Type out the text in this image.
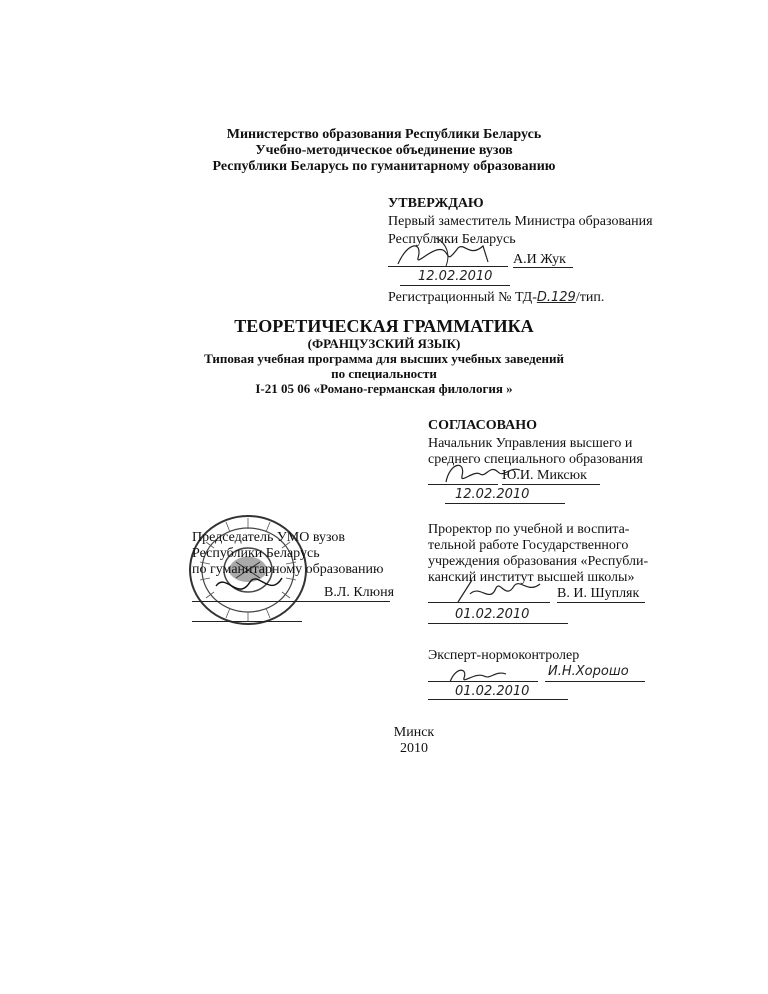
Министерство образования Республики Беларусь
Учебно-методическое объединение вузов
Республики Беларусь по гуманитарному образованию
УТВЕРЖДАЮ
Первый заместитель Министра образования
Республики Беларусь
А.И Жук
12.02.2010
Регистрационный № ТД-D.129/тип.
ТЕОРЕТИЧЕСКАЯ ГРАММАТИКА
(ФРАНЦУЗСКИЙ ЯЗЫК)
Типовая учебная программа для высших учебных заведений
по специальности
I-21 05 06 «Романо-германская филология »
СОГЛАСОВАНО
Начальник Управления высшего и
среднего специального образования
Ю.И. Миксюк
12.02.2010
Проректор по учебной и воспита-
тельной работе Государственного
учреждения образования «Республи-
канский институт высшей школы»
В. И. Шупляк
01.02.2010
Эксперт-нормоконтролер
И.Н.Хорошо
01.02.2010
Председатель УМО вузов
Республики Беларусь
по гуманитарному образованию
В.Л. Клюня
Минск
2010
